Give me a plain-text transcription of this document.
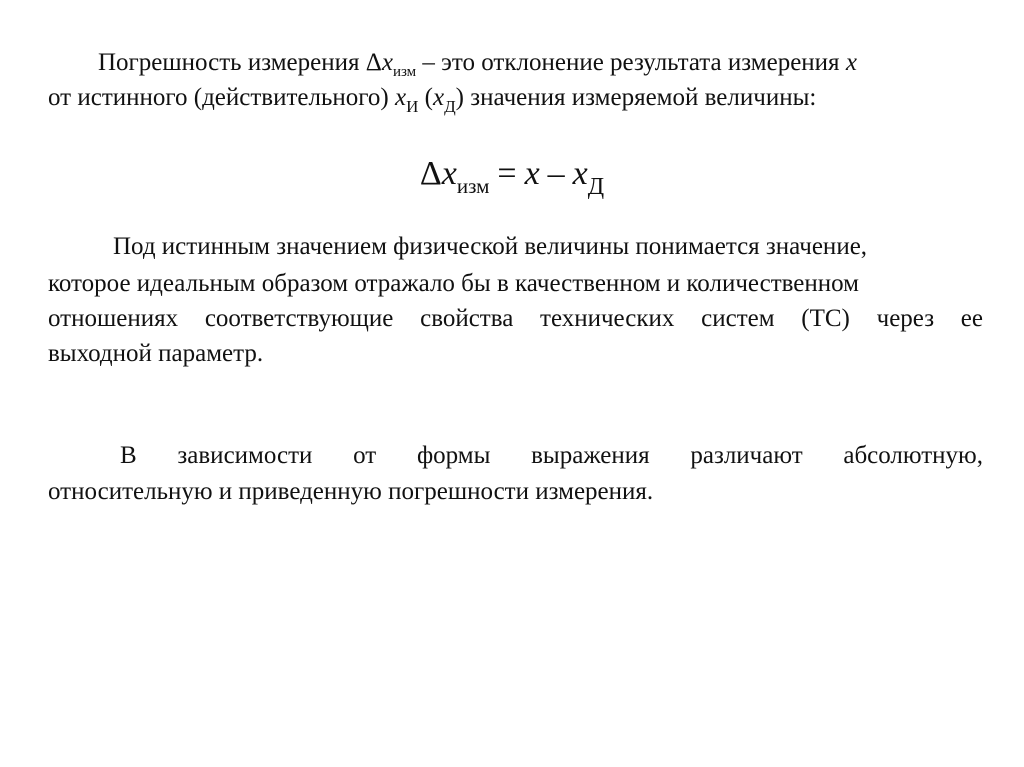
Погрешность измерения $\Delta x_{изм}$ – это отклонение результата измерения x
от истинного (действительного) $x_И$ $(x_Д)$ значения измеряемой величины:
$\Delta x_{изм} = x - x_Д$
Под истинным значением физической величины понимается значение,
которое идеальным образом отражало бы в качественном и количественном
отношениях соответствующие свойства технических систем (ТС) через ее
выходной параметр.
В зависимости от формы выражения различают абсолютную,
относительную и приведенную погрешности измерения.
